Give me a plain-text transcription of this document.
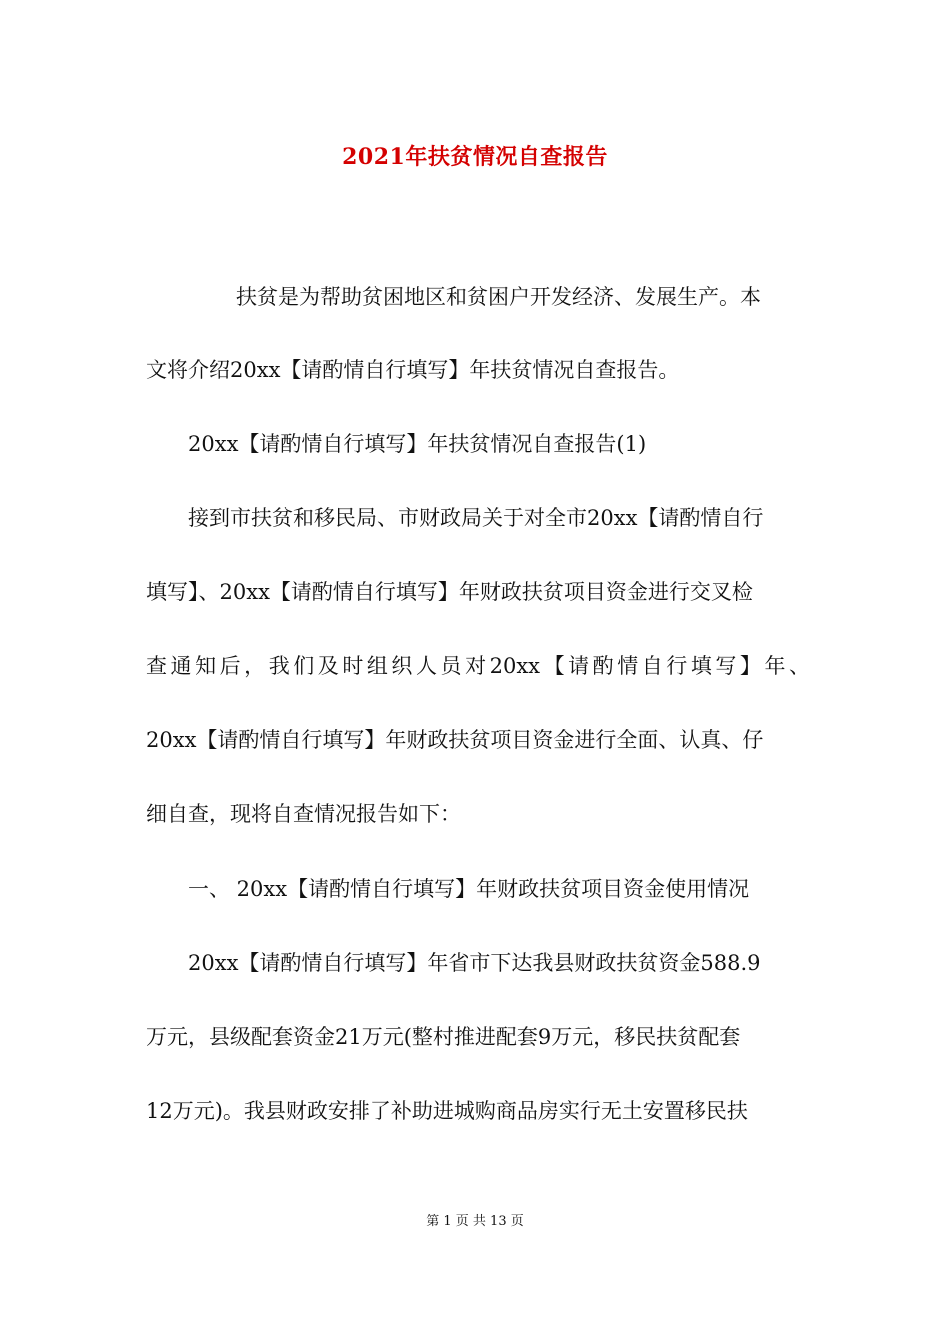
2021年扶贫情况自查报告
扶贫是为帮助贫困地区和贫困户开发经济、发展生产。本
文将介绍20xx【请酌情自行填写】年扶贫情况自查报告。
20xx【请酌情自行填写】年扶贫情况自查报告(1)
接到市扶贫和移民局、市财政局关于对全市20xx【请酌情自行
填写】、20xx【请酌情自行填写】年财政扶贫项目资金进行交叉检
查通知后，我们及时组织人员对20xx【请酌情自行填写】年、
20xx【请酌情自行填写】年财政扶贫项目资金进行全面、认真、仔
细自查，现将自查情况报告如下：
一、 20xx【请酌情自行填写】年财政扶贫项目资金使用情况
20xx【请酌情自行填写】年省市下达我县财政扶贫资金588.9
万元，县级配套资金21万元(整村推进配套9万元，移民扶贫配套
12万元)。我县财政安排了补助进城购商品房实行无土安置移民扶
第 1 页 共 13 页
